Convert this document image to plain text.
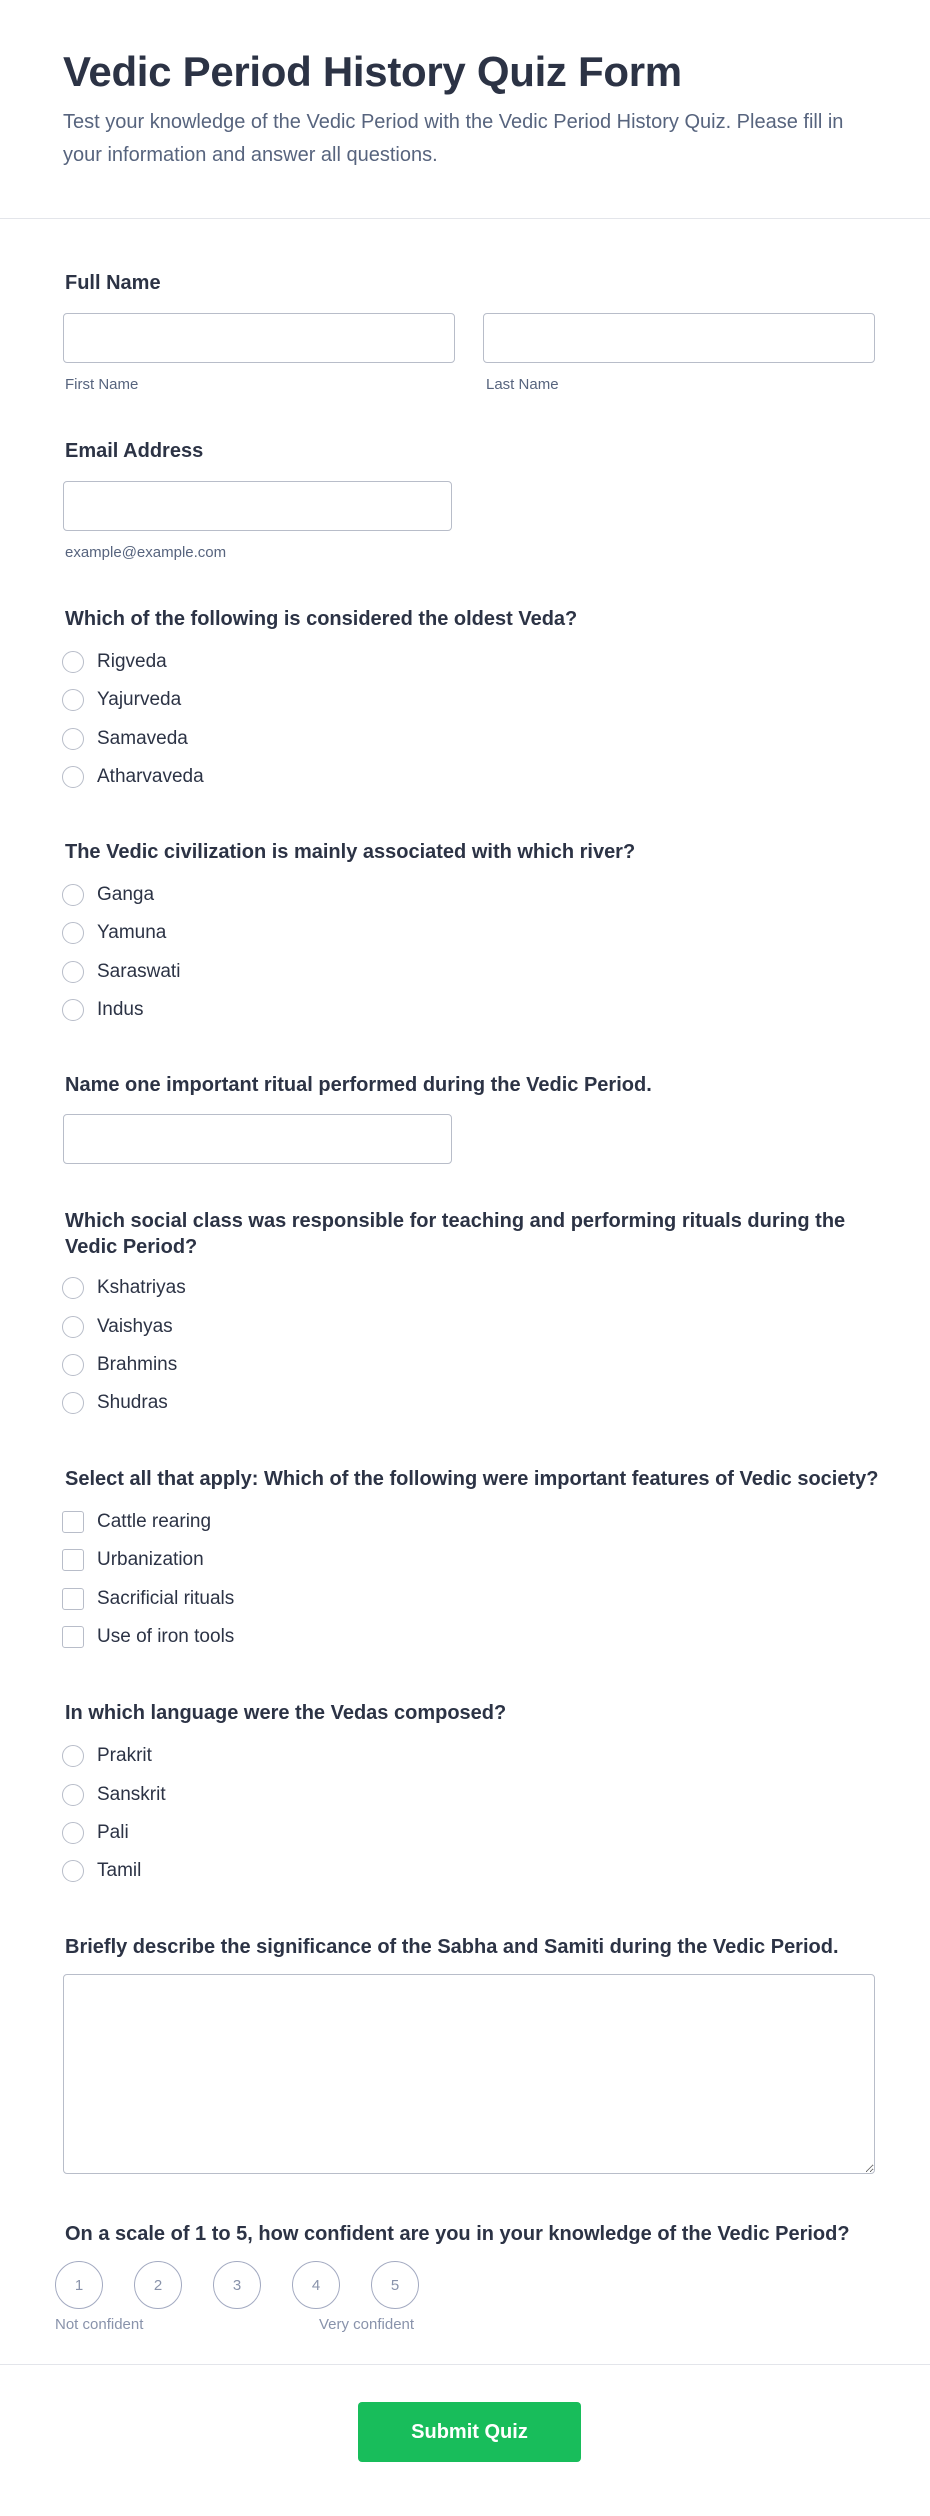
Vedic Period History Quiz Form

Test your knowledge of the Vedic Period with the Vedic Period History Quiz. Please fill in your information and answer all questions.

Full Name
First Name	Last Name
Email Address
example@example.com
Which of the following is considered the oldest Veda?
Rigveda
Yajurveda
Samaveda
Atharvaveda
The Vedic civilization is mainly associated with which river?
Ganga
Yamuna
Saraswati
Indus
Name one important ritual performed during the Vedic Period.
Which social class was responsible for teaching and performing rituals during the Vedic Period?
Kshatriyas
Vaishyas
Brahmins
Shudras
Select all that apply: Which of the following were important features of Vedic society?
Cattle rearing
Urbanization
Sacrificial rituals
Use of iron tools
In which language were the Vedas composed?
Prakrit
Sanskrit
Pali
Tamil
Briefly describe the significance of the Sabha and Samiti during the Vedic Period.
On a scale of 1 to 5, how confident are you in your knowledge of the Vedic Period?
1	2	3	4	5
Not confident	Very confident
Submit Quiz
